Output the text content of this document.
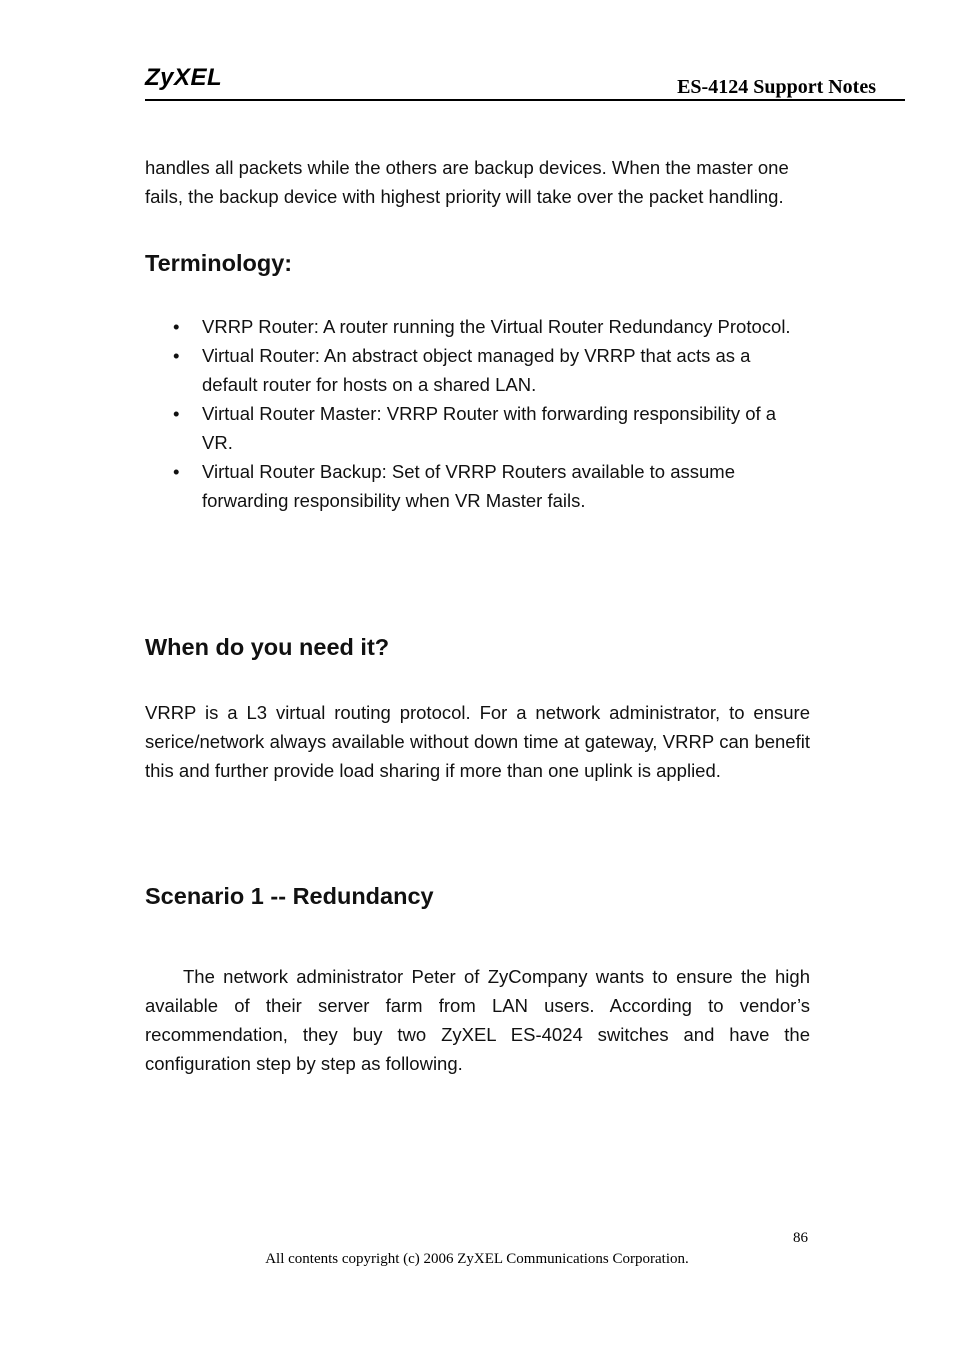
ZyXEL	ES-4124 Support Notes

handles all packets while the others are backup devices. When the master one fails, the backup device with highest priority will take over the packet handling.

Terminology:

• VRRP Router: A router running the Virtual Router Redundancy Protocol.
• Virtual Router: An abstract object managed by VRRP that acts as a default router for hosts on a shared LAN.
• Virtual Router Master: VRRP Router with forwarding responsibility of a VR.
• Virtual Router Backup: Set of VRRP Routers available to assume forwarding responsibility when VR Master fails.

When do you need it?

VRRP is a L3 virtual routing protocol. For a network administrator, to ensure serice/network always available without down time at gateway, VRRP can benefit this and further provide load sharing if more than one uplink is applied.

Scenario 1 -- Redundancy

The network administrator Peter of ZyCompany wants to ensure the high available of their server farm from LAN users. According to vendor’s recommendation, they buy two ZyXEL ES-4024 switches and have the configuration step by step as following.

86

All contents copyright (c) 2006 ZyXEL Communications Corporation.
